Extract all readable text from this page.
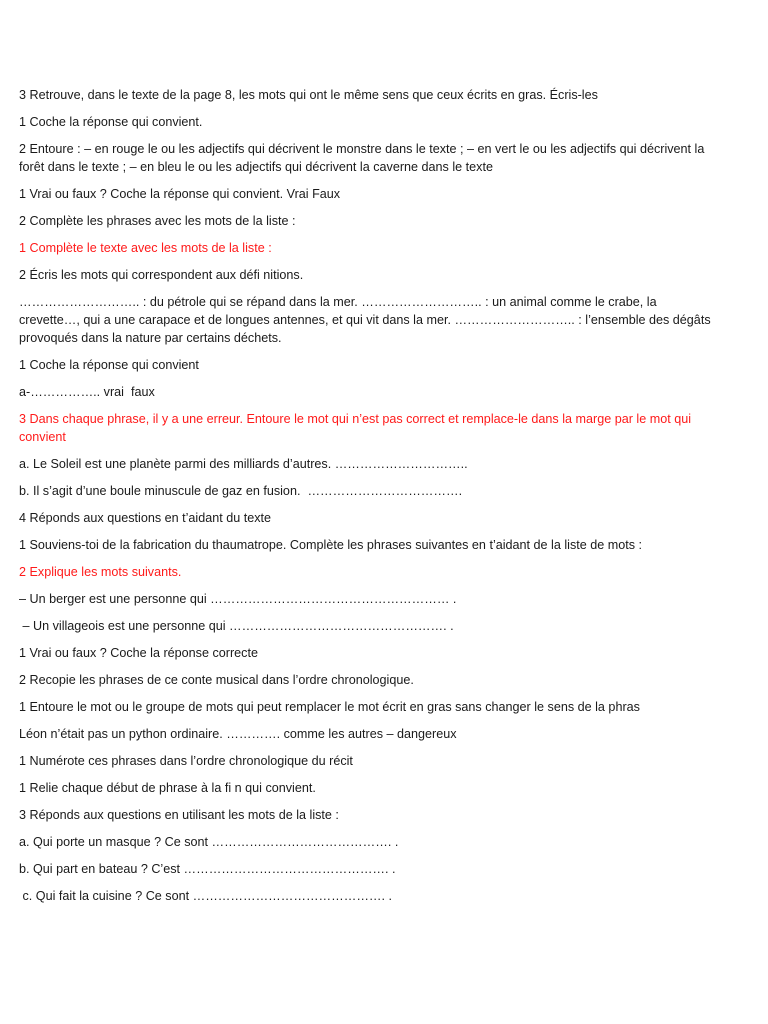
3 Retrouve, dans le texte de la page 8, les mots qui ont le même sens que ceux écrits en gras. Écris-les

1 Coche la réponse qui convient.

2 Entoure : – en rouge le ou les adjectifs qui décrivent le monstre dans le texte ; – en vert le ou les adjectifs qui décrivent la forêt dans le texte ; – en bleu le ou les adjectifs qui décrivent la caverne dans le texte

1 Vrai ou faux ? Coche la réponse qui convient. Vrai Faux

2 Complète les phrases avec les mots de la liste :

1 Complète le texte avec les mots de la liste :

2 Écris les mots qui correspondent aux défi nitions.

……………………….. : du pétrole qui se répand dans la mer. ……………………….. : un animal comme le crabe, la crevette…, qui a une carapace et de longues antennes, et qui vit dans la mer. ……………………….. : l’ensemble des dégâts provoqués dans la nature par certains déchets.

1 Coche la réponse qui convient

a-…………….. vrai  faux

3 Dans chaque phrase, il y a une erreur. Entoure le mot qui n’est pas correct et remplace-le dans la marge par le mot qui convient

a. Le Soleil est une planète parmi des milliards d’autres. …………………………..

b. Il s’agit d’une boule minuscule de gaz en fusion.  ……………………………….

4 Réponds aux questions en t’aidant du texte

1 Souviens-toi de la fabrication du thaumatrope. Complète les phrases suivantes en t’aidant de la liste de mots :

2 Explique les mots suivants.

– Un berger est une personne qui ………………………………………………… .

– Un villageois est une personne qui ……………………………………………. .

1 Vrai ou faux ? Coche la réponse correcte

2 Recopie les phrases de ce conte musical dans l’ordre chronologique.

1 Entoure le mot ou le groupe de mots qui peut remplacer le mot écrit en gras sans changer le sens de la phras

Léon n’était pas un python ordinaire. …………. comme les autres – dangereux

1 Numérote ces phrases dans l’ordre chronologique du récit

1 Relie chaque début de phrase à la fi n qui convient.

3 Réponds aux questions en utilisant les mots de la liste :

a. Qui porte un masque ? Ce sont ……………………………………. .

b. Qui part en bateau ? C’est …………………………………………. .

c. Qui fait la cuisine ? Ce sont ………………………………………. .
